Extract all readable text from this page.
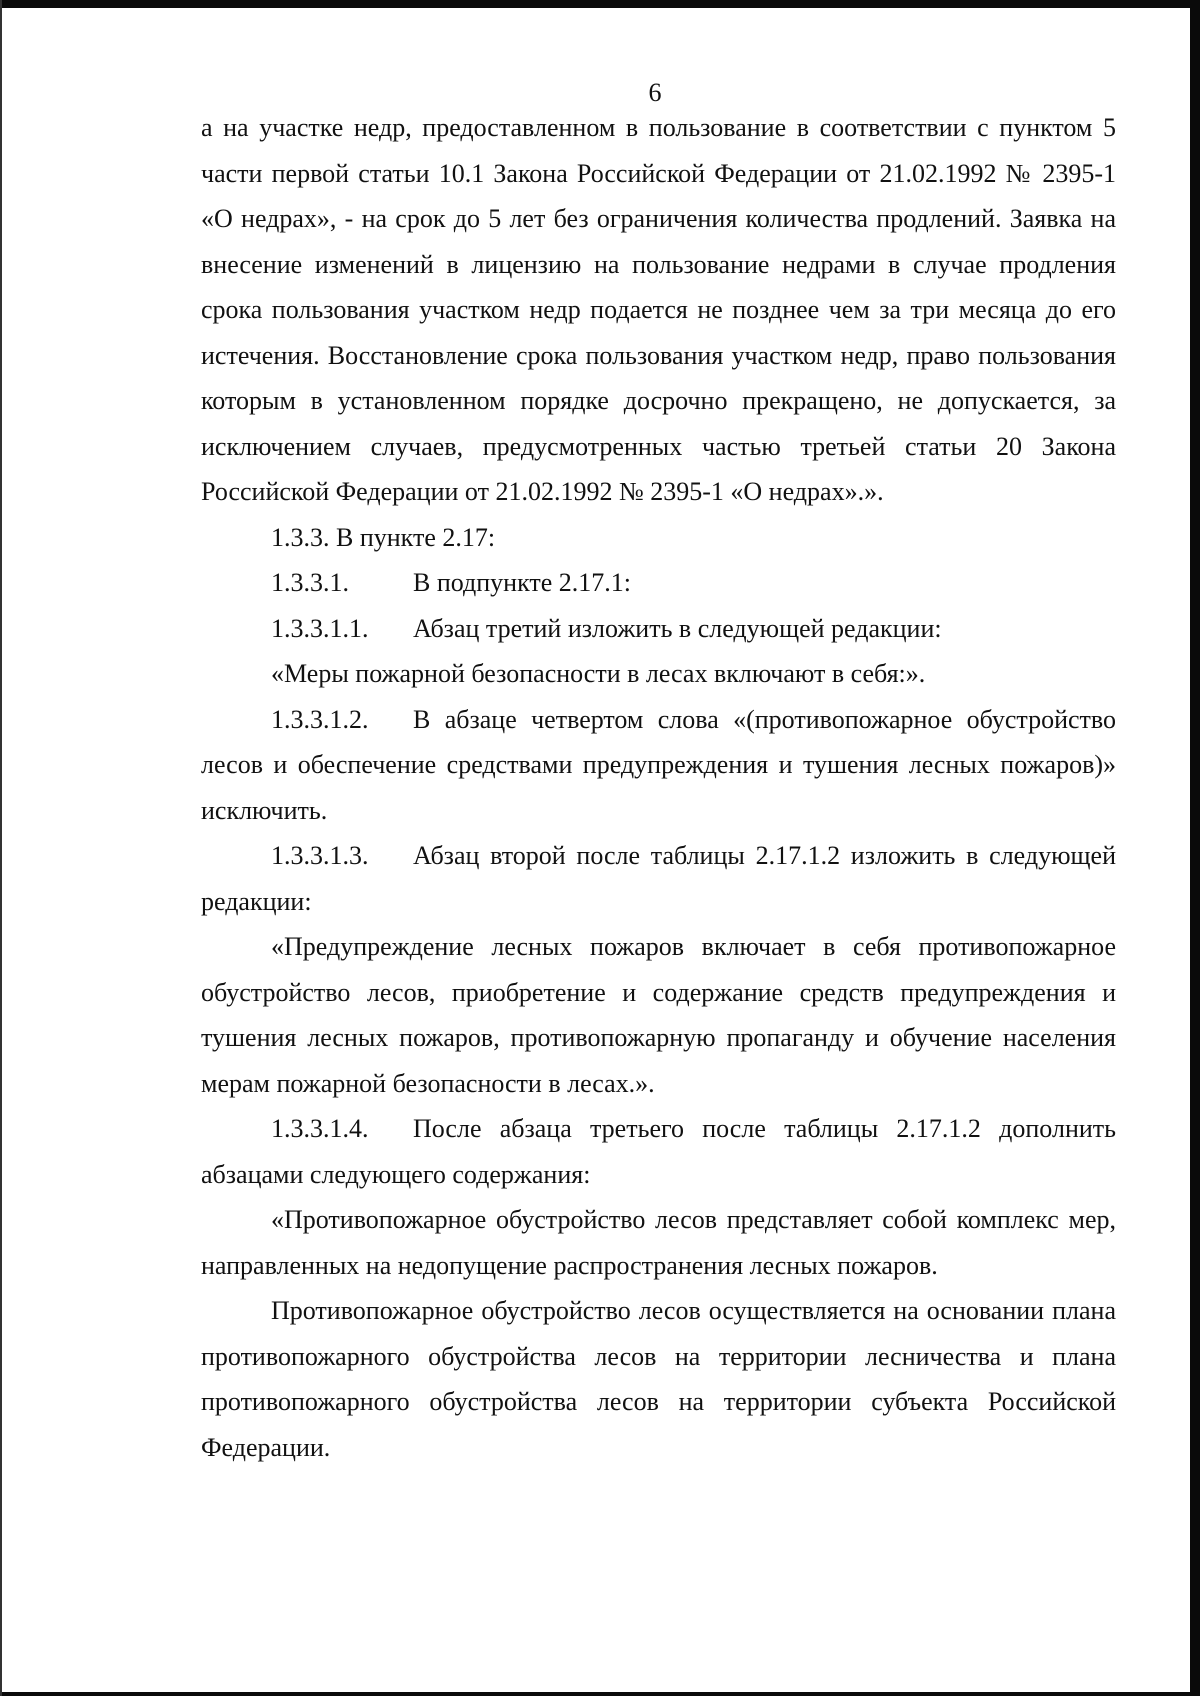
6

а на участке недр, предоставленном в пользование в соответствии с пунктом 5 части первой статьи 10.1 Закона Российской Федерации от 21.02.1992 № 2395-1 «О недрах», - на срок до 5 лет без ограничения количества продлений. Заявка на внесение изменений в лицензию на пользование недрами в случае продления срока пользования участком недр подается не позднее чем за три месяца до его истечения. Восстановление срока пользования участком недр, право пользования которым в установленном порядке досрочно прекращено, не допускается, за исключением случаев, предусмотренных частью третьей статьи 20 Закона Российской Федерации от 21.02.1992 № 2395-1 «О недрах».».

1.3.3. В пункте 2.17:

1.3.3.1. В подпункте 2.17.1:

1.3.3.1.1. Абзац третий изложить в следующей редакции:

«Меры пожарной безопасности в лесах включают в себя:».

1.3.3.1.2. В абзаце четвертом слова «(противопожарное обустройство лесов и обеспечение средствами предупреждения и тушения лесных пожаров)» исключить.

1.3.3.1.3. Абзац второй после таблицы 2.17.1.2 изложить в следующей редакции:

«Предупреждение лесных пожаров включает в себя противопожарное обустройство лесов, приобретение и содержание средств предупреждения и тушения лесных пожаров, противопожарную пропаганду и обучение населения мерам пожарной безопасности в лесах.».

1.3.3.1.4. После абзаца третьего после таблицы 2.17.1.2 дополнить абзацами следующего содержания:

«Противопожарное обустройство лесов представляет собой комплекс мер, направленных на недопущение распространения лесных пожаров.

Противопожарное обустройство лесов осуществляется на основании плана противопожарного обустройства лесов на территории лесничества и плана противопожарного обустройства лесов на территории субъекта Российской Федерации.
